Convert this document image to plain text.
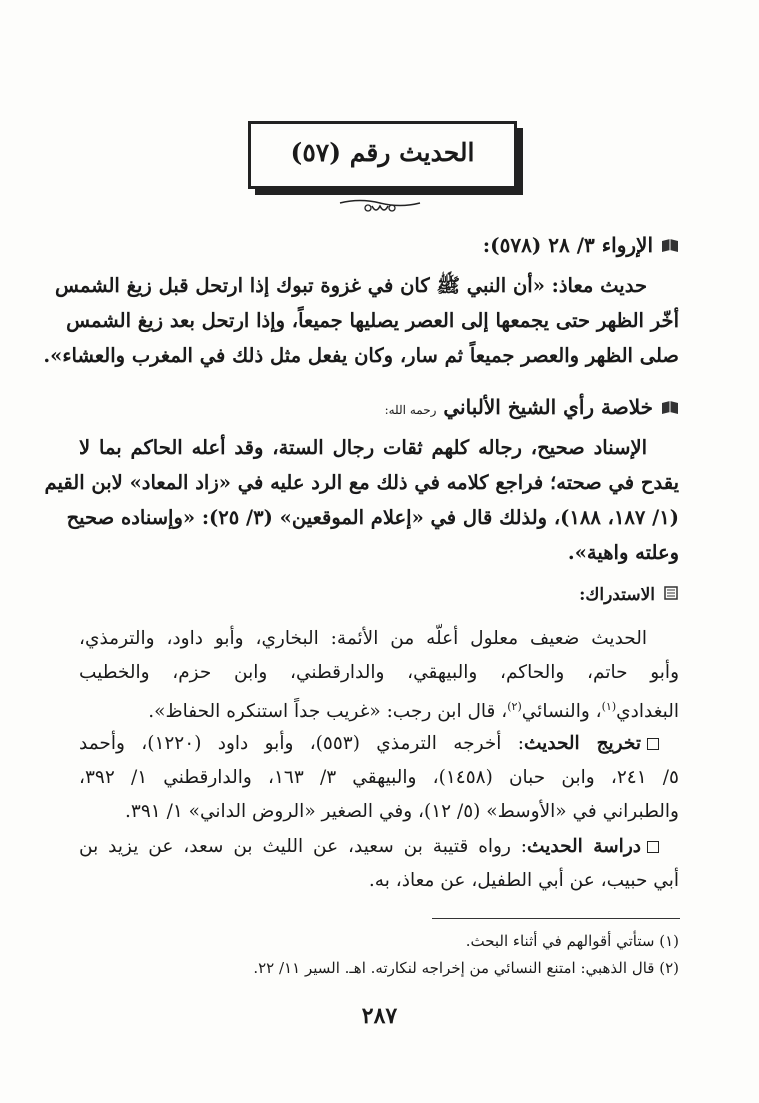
الحديث رقم (٥٧)
الإرواء ٣/ ٢٨ (٥٧٨):
حديث معاذ: «أن النبي ﷺ كان في غزوة تبوك إذا ارتحل قبل زيغ الشمس
أخّر الظهر حتى يجمعها إلى العصر يصليها جميعاً، وإذا ارتحل بعد زيغ الشمس
صلى الظهر والعصر جميعاً ثم سار، وكان يفعل مثل ذلك في المغرب والعشاء».
خلاصة رأي الشيخ الألباني رحمه الله:
الإسناد صحيح، رجاله كلهم ثقات رجال الستة، وقد أعله الحاكم بما لا
يقدح في صحته؛ فراجع كلامه في ذلك مع الرد عليه في «زاد المعاد» لابن القيم
(١/ ١٨٧، ١٨٨)، ولذلك قال في «إعلام الموقعين» (٣/ ٢٥): «وإسناده صحيح
وعلته واهية».
الاستدراك:
الحديث ضعيف معلول أعلّه من الأئمة: البخاري، وأبو داود، والترمذي،
وأبو حاتم، والحاكم، والبيهقي، والدارقطني، وابن حزم، والخطيب
البغدادي$^{(١)}$، والنسائي$^{(٢)}$، قال ابن رجب: «غريب جداً استنكره الحفاظ».
تخريج الحديث: أخرجه الترمذي (٥٥٣)، وأبو داود (١٢٢٠)، وأحمد
٥/ ٢٤١، وابن حبان (١٤٥٨)، والبيهقي ٣/ ١٦٣، والدارقطني ١/ ٣٩٢،
والطبراني في «الأوسط» (٥/ ١٢)، وفي الصغير «الروض الداني» ١/ ٣٩١.
دراسة الحديث: رواه قتيبة بن سعيد، عن الليث بن سعد، عن يزيد بن
أبي حبيب، عن أبي الطفيل، عن معاذ، به.
(١) ستأتي أقوالهم في أثناء البحث.
(٢) قال الذهبي: امتنع النسائي من إخراجه لنكارته. اهـ. السير ١١/ ٢٢.
٢٨٧
